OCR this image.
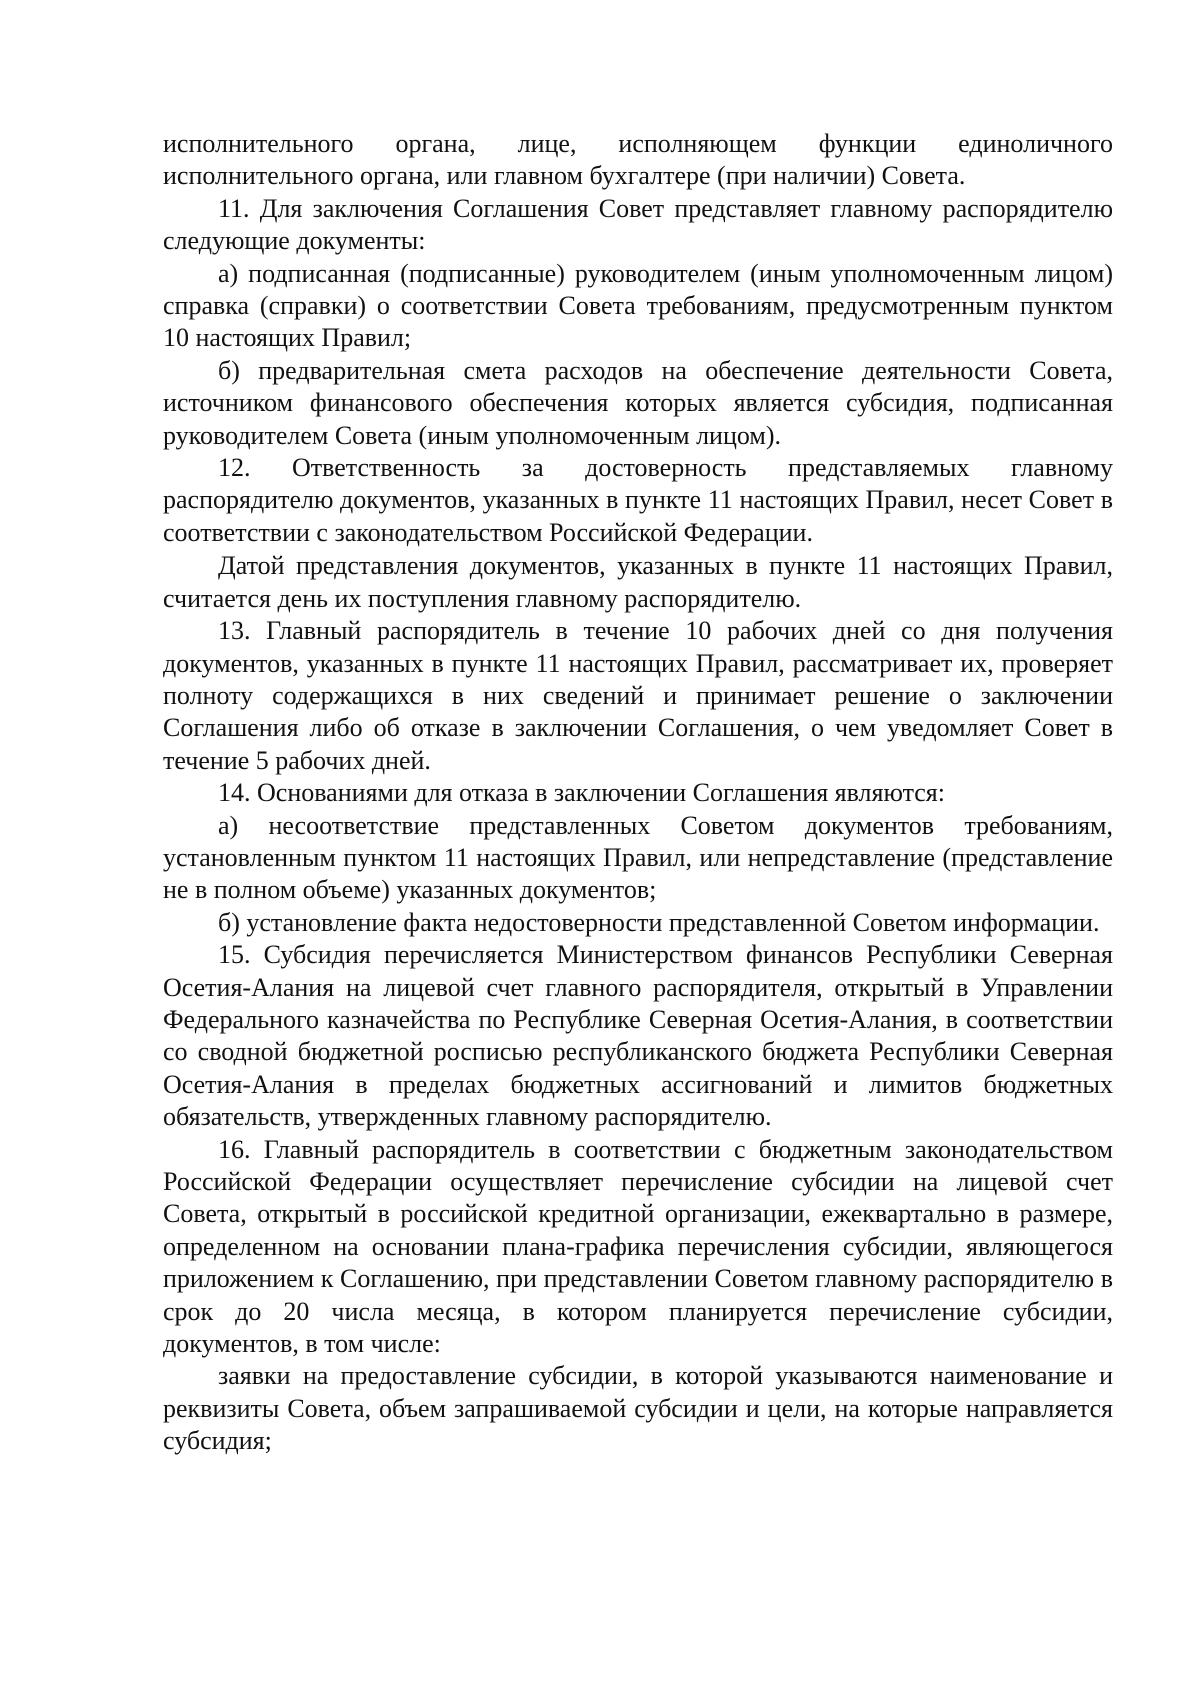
исполнительного органа, лице, исполняющем функции единоличного исполнительного органа, или главном бухгалтере (при наличии) Совета.

11. Для заключения Соглашения Совет представляет главному распорядителю следующие документы:

а) подписанная (подписанные) руководителем (иным уполномоченным лицом) справка (справки) о соответствии Совета требованиям, предусмотренным пунктом 10 настоящих Правил;

б) предварительная смета расходов на обеспечение деятельности Совета, источником финансового обеспечения которых является субсидия, подписанная руководителем Совета (иным уполномоченным лицом).

12. Ответственность за достоверность представляемых главному распорядителю документов, указанных в пункте 11 настоящих Правил, несет Совет в соответствии с законодательством Российской Федерации.

Датой представления документов, указанных в пункте 11 настоящих Правил, считается день их поступления главному распорядителю.

13. Главный распорядитель в течение 10 рабочих дней со дня получения документов, указанных в пункте 11 настоящих Правил, рассматривает их, проверяет полноту содержащихся в них сведений и принимает решение о заключении Соглашения либо об отказе в заключении Соглашения, о чем уведомляет Совет в течение 5 рабочих дней.

14. Основаниями для отказа в заключении Соглашения являются:

а) несоответствие представленных Советом документов требованиям, установленным пунктом 11 настоящих Правил, или непредставление (представление не в полном объеме) указанных документов;

б) установление факта недостоверности представленной Советом информации.

15. Субсидия перечисляется Министерством финансов Республики Северная Осетия-Алания на лицевой счет главного распорядителя, открытый в Управлении Федерального казначейства по Республике Северная Осетия-Алания, в соответствии со сводной бюджетной росписью республиканского бюджета Республики Северная Осетия-Алания в пределах бюджетных ассигнований и лимитов бюджетных обязательств, утвержденных главному распорядителю.

16. Главный распорядитель в соответствии с бюджетным законодательством Российской Федерации осуществляет перечисление субсидии на лицевой счет Совета, открытый в российской кредитной организации, ежеквартально в размере, определенном на основании плана-графика перечисления субсидии, являющегося приложением к Соглашению, при представлении Советом главному распорядителю в срок до 20 числа месяца, в котором планируется перечисление субсидии, документов, в том числе:

заявки на предоставление субсидии, в которой указываются наименование и реквизиты Совета, объем запрашиваемой субсидии и цели, на которые направляется субсидия;
